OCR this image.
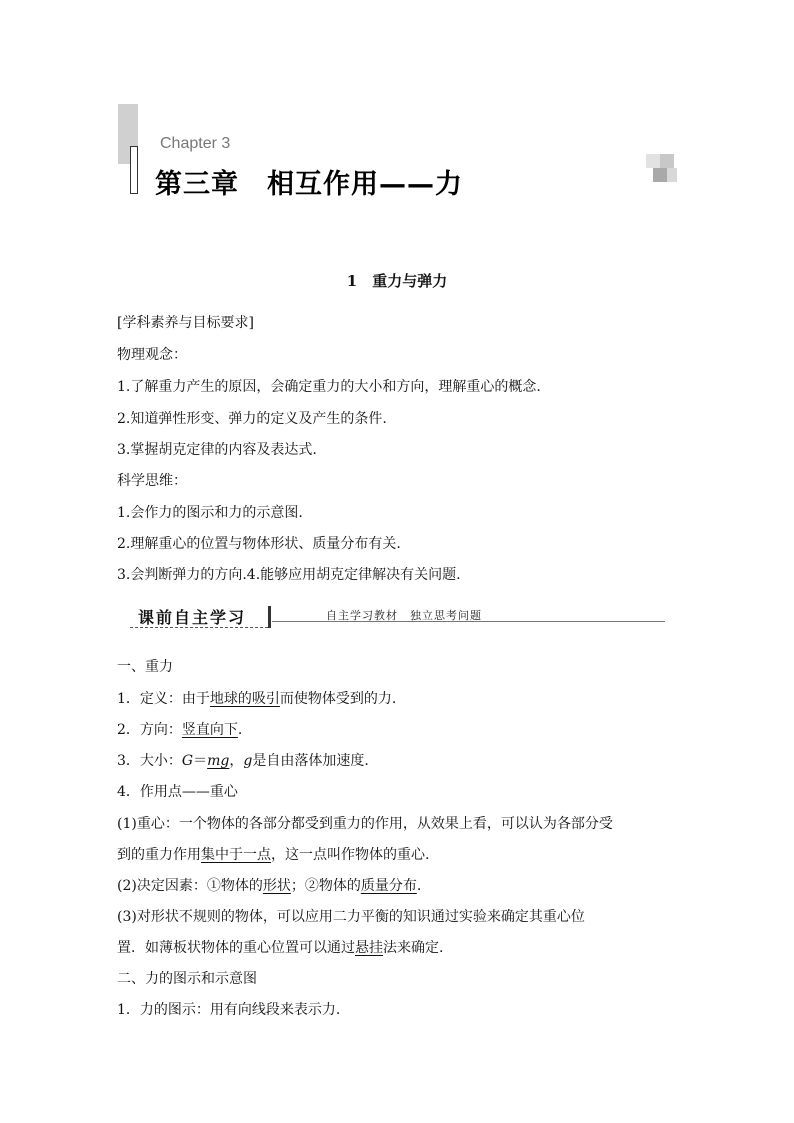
Chapter 3
第三章　相互作用——力
1　重力与弹力
[学科素养与目标要求]
物理观念：
1.了解重力产生的原因，会确定重力的大小和方向，理解重心的概念.
2.知道弹性形变、弹力的定义及产生的条件.
3.掌握胡克定律的内容及表达式.
科学思维：
1.会作力的图示和力的示意图.
2.理解重心的位置与物体形状、质量分布有关.
3.会判断弹力的方向.4.能够应用胡克定律解决有关问题.
课前自主学习	自主学习教材　独立思考问题
一、重力
1．定义：由于地球的吸引而使物体受到的力.
2．方向：竖直向下.
3．大小：G＝mg，g是自由落体加速度.
4．作用点——重心
(1)重心：一个物体的各部分都受到重力的作用，从效果上看，可以认为各部分受
到的重力作用集中于一点，这一点叫作物体的重心.
(2)决定因素：①物体的形状；②物体的质量分布.
(3)对形状不规则的物体，可以应用二力平衡的知识通过实验来确定其重心位
置．如薄板状物体的重心位置可以通过悬挂法来确定.
二、力的图示和示意图
1．力的图示：用有向线段来表示力.
